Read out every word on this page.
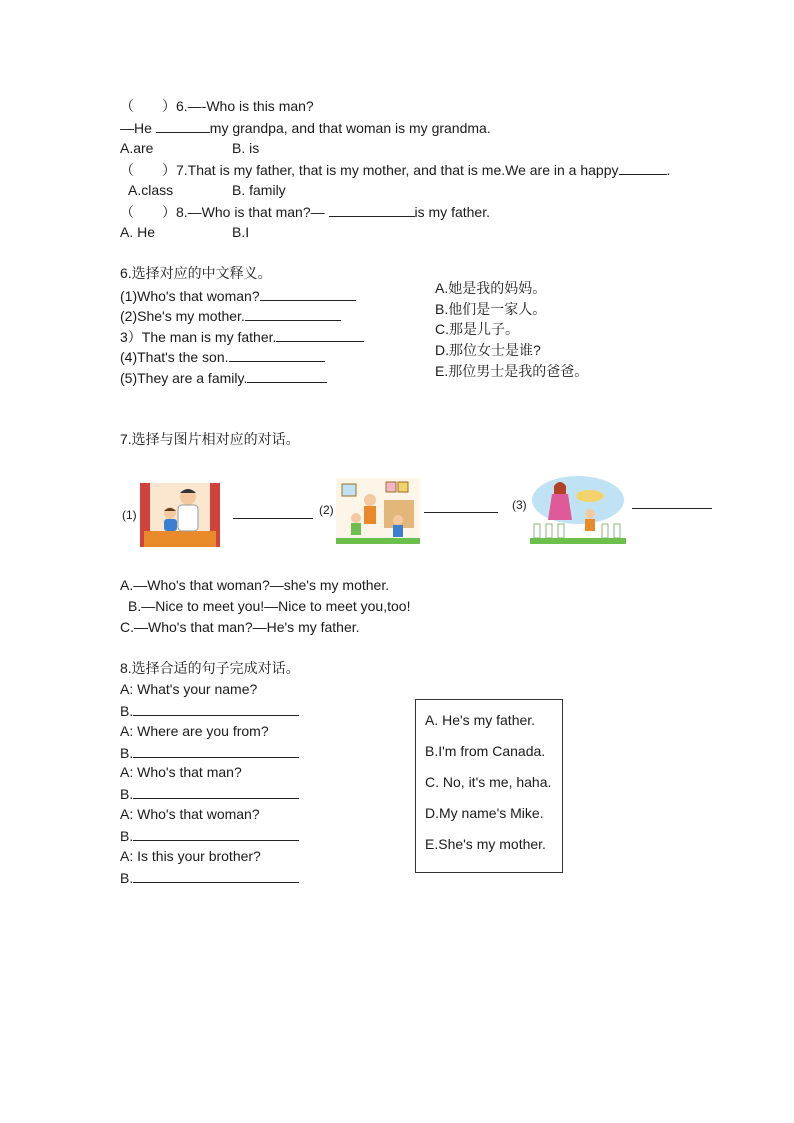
（　　）6.—-Who is this man?
—He	my grandpa, and that woman is my grandma.
A.are	B. is
（　　）7.That is my father, that is my mother, and that is me.We are in a happy	.
A.class	B. family
（　　）8.—Who is that man?—	is my father.
A. He	B.I
6.选择对应的中文释义。
(1)Who's that woman?
(2)She's my mother.
3）The man is my father.
(4)That's the son.
(5)They are a family.
A.她是我的妈妈。
B.他们是一家人。
C.那是儿子。
D.那位女士是谁?
E.那位男士是我的爸爸。
7.选择与图片相对应的对话。
(1)	(2)	(3)
A.—Who's that woman?—she's my mother.
B.—Nice to meet you!—Nice to meet you,too!
C.—Who's that man?—He's my father.
8.选择合适的句子完成对话。
A: What's your name?
B.
A: Where are you from?
B.
A: Who's that man?
B.
A: Who's that woman?
B.
A: Is this your brother?
B.
A. He's my father.
B.I'm from Canada.
C. No, it's me, haha.
D.My name's Mike.
E.She's my mother.
